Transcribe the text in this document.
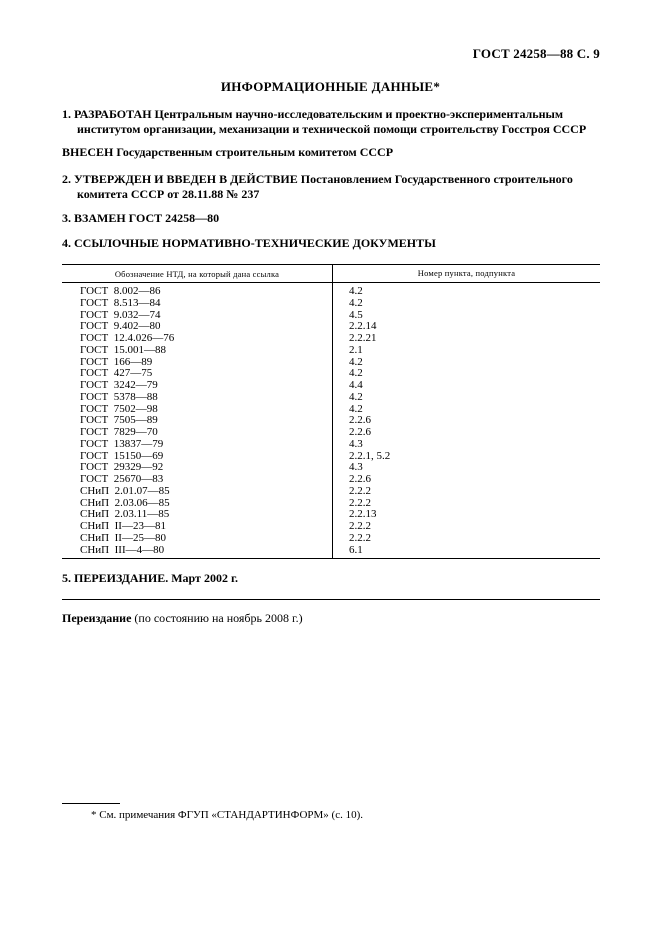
ГОСТ 24258—88 С. 9
ИНФОРМАЦИОННЫЕ ДАННЫЕ*
1. РАЗРАБОТАН Центральным научно-исследовательским и проектно-экспериментальным институтом организации, механизации и технической помощи строительству Госстроя СССР
ВНЕСЕН Государственным строительным комитетом СССР
2. УТВЕРЖДЕН И ВВЕДЕН В ДЕЙСТВИЕ Постановлением Государственного строительного комитета СССР от 28.11.88 № 237
3. ВЗАМЕН ГОСТ 24258—80
4. ССЫЛОЧНЫЕ НОРМАТИВНО-ТЕХНИЧЕСКИЕ ДОКУМЕНТЫ
Обозначение НТД, на который дана ссылка	Номер пункта, подпункта
ГОСТ  8.002—86
ГОСТ  8.513—84
ГОСТ  9.032—74
ГОСТ  9.402—80
ГОСТ  12.4.026—76
ГОСТ  15.001—88
ГОСТ  166—89
ГОСТ  427—75
ГОСТ  3242—79
ГОСТ  5378—88
ГОСТ  7502—98
ГОСТ  7505—89
ГОСТ  7829—70
ГОСТ  13837—79
ГОСТ  15150—69
ГОСТ  29329—92
ГОСТ  25670—83
СНиП  2.01.07—85
СНиП  2.03.06—85
СНиП  2.03.11—85
СНиП  II—23—81
СНиП  II—25—80
СНиП  III—4—80
4.2
4.2
4.5
2.2.14
2.2.21
2.1
4.2
4.2
4.4
4.2
4.2
2.2.6
2.2.6
4.3
2.2.1, 5.2
4.3
2.2.6
2.2.2
2.2.2
2.2.13
2.2.2
2.2.2
6.1
5. ПЕРЕИЗДАНИЕ. Март 2002 г.
Переиздание (по состоянию на ноябрь 2008 г.)
* См. примечания ФГУП «СТАНДАРТИНФОРМ» (с. 10).
